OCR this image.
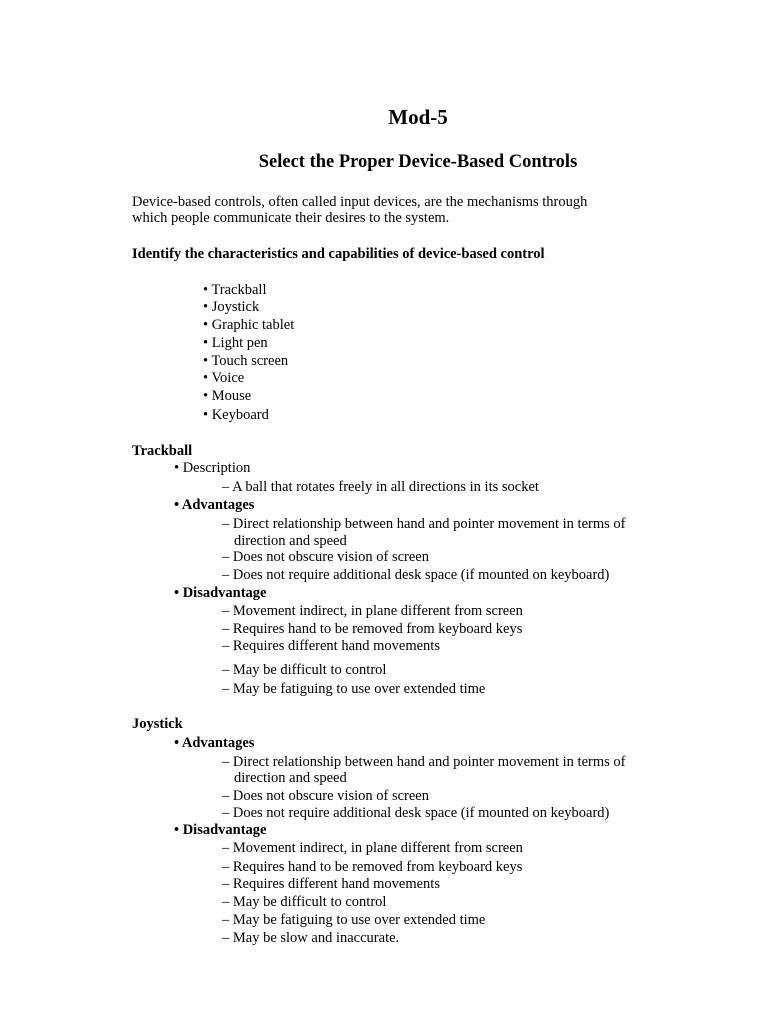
Mod-5
Select the Proper Device-Based Controls
Device-based controls, often called input devices, are the mechanisms through
which people communicate their desires to the system.
Identify the characteristics and capabilities of device-based control
• Trackball
• Joystick
• Graphic tablet
• Light pen
• Touch screen
• Voice
• Mouse
• Keyboard
Trackball
• Description
– A ball that rotates freely in all directions in its socket
• Advantages
– Direct relationship between hand and pointer movement in terms of
direction and speed
– Does not obscure vision of screen
– Does not require additional desk space (if mounted on keyboard)
• Disadvantage
– Movement indirect, in plane different from screen
– Requires hand to be removed from keyboard keys
– Requires different hand movements
– May be difficult to control
– May be fatiguing to use over extended time
Joystick
• Advantages
– Direct relationship between hand and pointer movement in terms of
direction and speed
– Does not obscure vision of screen
– Does not require additional desk space (if mounted on keyboard)
• Disadvantage
– Movement indirect, in plane different from screen
– Requires hand to be removed from keyboard keys
– Requires different hand movements
– May be difficult to control
– May be fatiguing to use over extended time
– May be slow and inaccurate.
